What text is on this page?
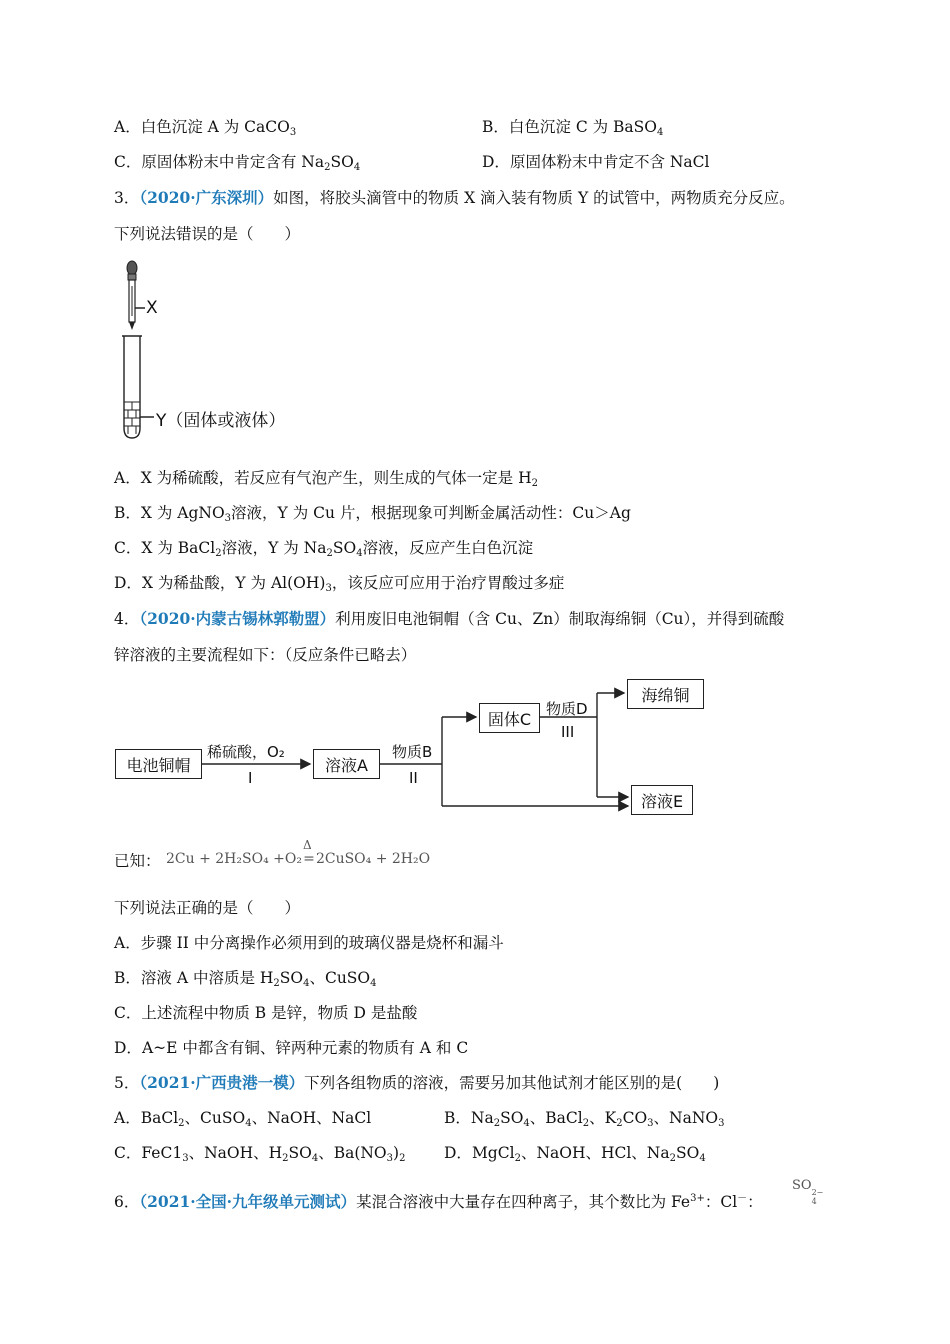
A．白色沉淀 A 为 CaCO$_3$	B．白色沉淀 C 为 BaSO$_4$
C．原固体粉末中肯定含有 $Na_2SO_4$	D．原固体粉末中肯定不含 NaCl
3．（2020·广东深圳）如图，将胶头滴管中的物质 X 滴入装有物质 Y 的试管中，两物质充分反应。
下列说法错误的是（　　）
X
Y（固体或液体）
A．X 为稀硫酸，若反应有气泡产生，则生成的气体一定是 $H_2$
B．X 为 AgNO$_3$溶液，Y 为 Cu 片，根据现象可判断金属活动性：Cu＞Ag
C．X 为 BaCl$_2$溶液，Y 为 $Na_2SO_4$溶液，反应产生白色沉淀
D．X 为稀盐酸，Y 为 $Al(OH)_3$，该反应可应用于治疗胃酸过多症
4．（2020·内蒙古锡林郭勒盟）利用废旧电池铜帽（含 Cu、Zn）制取海绵铜（Cu），并得到硫酸
锌溶液的主要流程如下：（反应条件已略去）
电池铜帽
稀硫酸，O₂
I
溶液A
物质B
II
固体C
物质D
III
海绵铜
溶液E
已知： 2Cu + 2H₂SO₄ +O₂
Δ
=2CuSO₄ + 2H₂O
下列说法正确的是（　　）
A．步骤 II 中分离操作必须用到的玻璃仪器是烧杯和漏斗
B．溶液 A 中溶质是 $H_2SO_4$、CuSO$_4$
C．上述流程中物质 B 是锌，物质 D 是盐酸
D．A~E 中都含有铜、锌两种元素的物质有 A 和 C
5．（2021·广西贵港一模）下列各组物质的溶液，需要另加其他试剂才能区别的是(　　)
A．BaCl$_2$、CuSO$_4$、NaOH、NaCl	B．$Na_2SO_4$、BaCl$_2$、$K_2CO_3$、NaNO$_3$
C．$FeC1_3$、NaOH、$H_2SO_4$、$Ba(NO_3)_2$ D．MgCl$_2$、NaOH、HCl、$Na_2SO_4$
6．（2021·全国·九年级单元测试）某混合溶液中大量存在四种离子，其个数比为 $Fe^{3+}$：Cl－：
SO 2−
4
